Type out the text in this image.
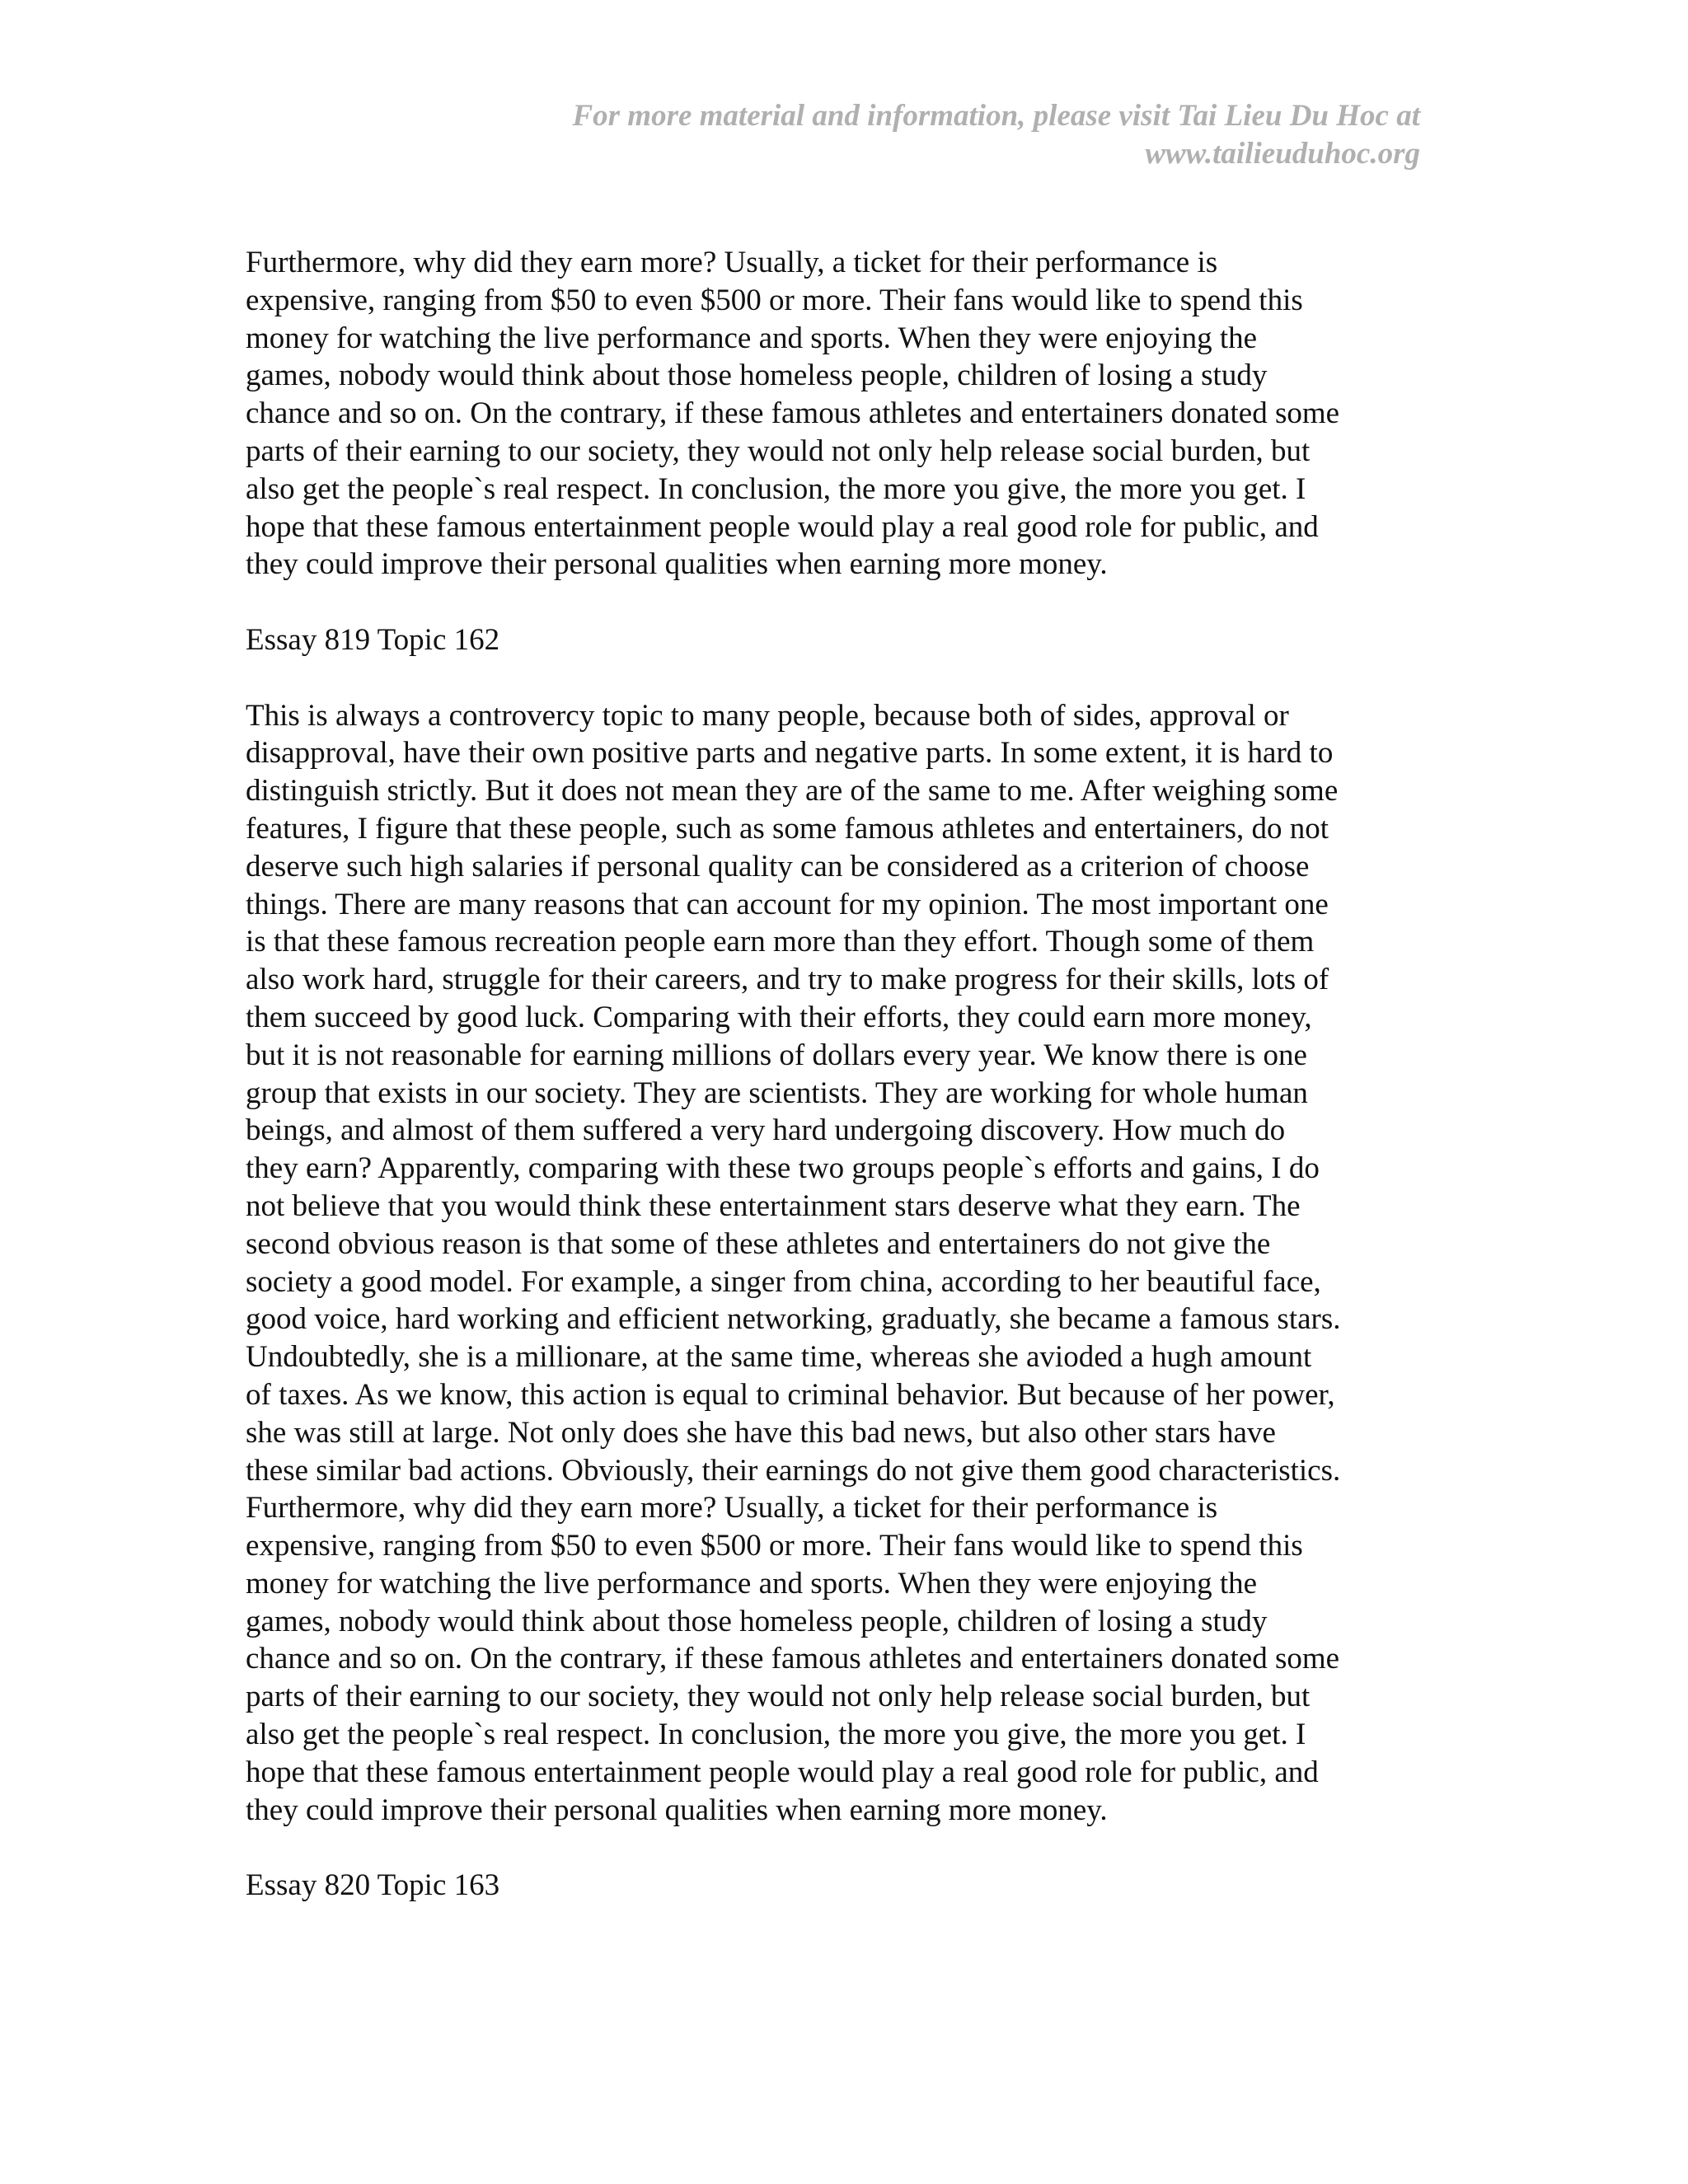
For more material and information, please visit Tai Lieu Du Hoc at
www.tailieuduhoc.org
Furthermore, why did they earn more? Usually, a ticket for their performance is
expensive, ranging from $50 to even $500 or more. Their fans would like to spend this
money for watching the live performance and sports. When they were enjoying the
games, nobody would think about those homeless people, children of losing a study
chance and so on. On the contrary, if these famous athletes and entertainers donated some
parts of their earning to our society, they would not only help release social burden, but
also get the people`s real respect. In conclusion, the more you give, the more you get. I
hope that these famous entertainment people would play a real good role for public, and
they could improve their personal qualities when earning more money.
Essay 819 Topic 162
This is always a controvercy topic to many people, because both of sides, approval or
disapproval, have their own positive parts and negative parts. In some extent, it is hard to
distinguish strictly. But it does not mean they are of the same to me. After weighing some
features, I figure that these people, such as some famous athletes and entertainers, do not
deserve such high salaries if personal quality can be considered as a criterion of choose
things. There are many reasons that can account for my opinion. The most important one
is that these famous recreation people earn more than they effort. Though some of them
also work hard, struggle for their careers, and try to make progress for their skills, lots of
them succeed by good luck. Comparing with their efforts, they could earn more money,
but it is not reasonable for earning millions of dollars every year. We know there is one
group that exists in our society. They are scientists. They are working for whole human
beings, and almost of them suffered a very hard undergoing discovery. How much do
they earn? Apparently, comparing with these two groups people`s efforts and gains, I do
not believe that you would think these entertainment stars deserve what they earn. The
second obvious reason is that some of these athletes and entertainers do not give the
society a good model. For example, a singer from china, according to her beautiful face,
good voice, hard working and efficient networking, graduatly, she became a famous stars.
Undoubtedly, she is a millionare, at the same time, whereas she avioded a hugh amount
of taxes. As we know, this action is equal to criminal behavior. But because of her power,
she was still at large. Not only does she have this bad news, but also other stars have
these similar bad actions. Obviously, their earnings do not give them good characteristics.
Furthermore, why did they earn more? Usually, a ticket for their performance is
expensive, ranging from $50 to even $500 or more. Their fans would like to spend this
money for watching the live performance and sports. When they were enjoying the
games, nobody would think about those homeless people, children of losing a study
chance and so on. On the contrary, if these famous athletes and entertainers donated some
parts of their earning to our society, they would not only help release social burden, but
also get the people`s real respect. In conclusion, the more you give, the more you get. I
hope that these famous entertainment people would play a real good role for public, and
they could improve their personal qualities when earning more money.
Essay 820 Topic 163
